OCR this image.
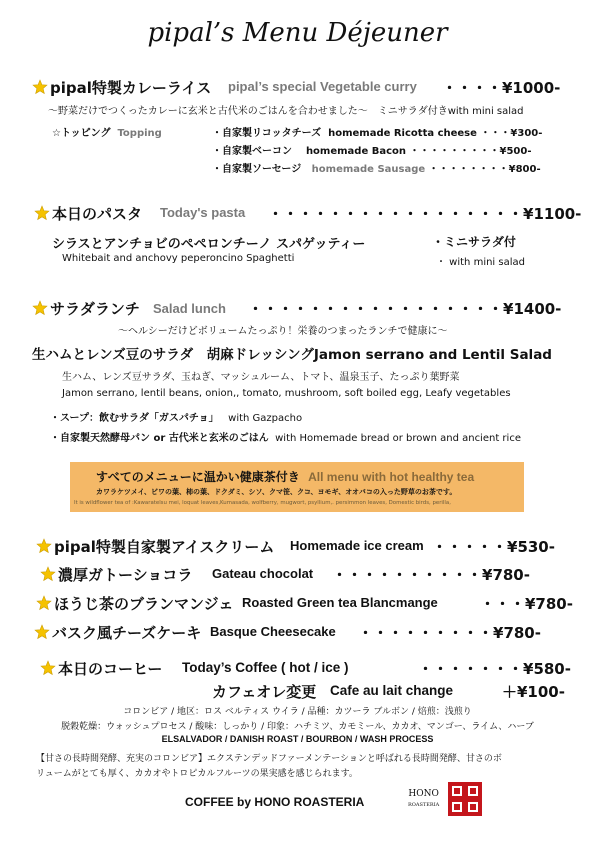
pipal’s Menu Déjeuner
pipal特製カレーライス pipal’s special Vegetable curry ・・・・¥1000-
〜野菜だけでつくったカレーに玄米と古代米のごはんを合わせました〜　ミニサラダ付きwith mini salad
☆トッピング Topping	・自家製リコッタチーズ homemade Ricotta cheese ・・・¥300-
・自家製ベーコン homemade Bacon ・・・・・・・・・¥500-
・自家製ソーセージ homemade Sausage ・・・・・・・・¥800-
本日のパスタ Today's pasta ・・・・・・・・・・・・・・・・・¥1100-
シラスとアンチョビのペペロンチーノ スパゲッティー	・ミニサラダ付
Whitebait and anchovy peperoncino Spaghetti	・ with mini salad
サラダランチ Salad lunch ・・・・・・・・・・・・・・・・・¥1400-
〜ヘルシーだけどボリュームたっぷり！栄養のつまったランチで健康に〜
生ハムとレンズ豆のサラダ　胡麻ドレッシングJamon serrano and Lentil Salad
生ハム、レンズ豆サラダ、玉ねぎ、マッシュルーム、トマト、温泉玉子、たっぷり葉野菜
Jamon serrano, lentil beans, onion,, tomato, mushroom, soft boiled egg, Leafy vegetables
・スープ：飲むサラダ「ガスパチョ」 with Gazpacho
・自家製天然酵母パン or 古代米と玄米のごはん with Homemade bread or brown and ancient rice
すべてのメニューに温かい健康茶付き All menu with hot healthy tea
カワラケツメイ、ビワの葉、柿の葉、ドクダミ、シソ、クマ笹、クコ、ヨモギ、オオバコの入った野草のお茶です。
It is wildflower tea of :Kawaratelsu mei, loquat leaves,Kumasada, wolfberry, mugwort, psyllium,. persimmon leaves, Domestic birds, perilla,
pipal特製自家製アイスクリーム Homemade ice cream ・・・・・¥530-
濃厚ガトーショコラ Gateau chocolat ・・・・・・・・・・¥780-
ほうじ茶のブランマンジェ Roasted Green tea Blancmange	・・・¥780-
バスク風チーズケーキ Basque Cheesecake ・・・・・・・・・¥780-
本日のコーヒー Today’s Coffee ( hot / ice )	・・・・・・・¥580-
カフェオレ変更 Cafe au lait change	＋¥100-
コロンビア / 地区：ロス ベルティス ウイラ / 品種：カツーラ ブルボン / 焙煎：浅煎り
脱穀乾燥：ウォッシュプロセス / 酸味：しっかり / 印象：ハチミツ、カモミール、カカオ、マンゴー、ライム、ハーブ
ELSALVADOR / DANISH ROAST / BOURBON / WASH PROCESS
【甘さの長時間発酵、充実のコロンビア】エクステンデッドファーメンテーションと呼ばれる長時間発酵、甘さのボ
リュームがとても厚く、カカオやトロピカルフルーツの果実感を感じられます。
COFFEE by HONO ROASTERIA
HONO
ROASTERIA
